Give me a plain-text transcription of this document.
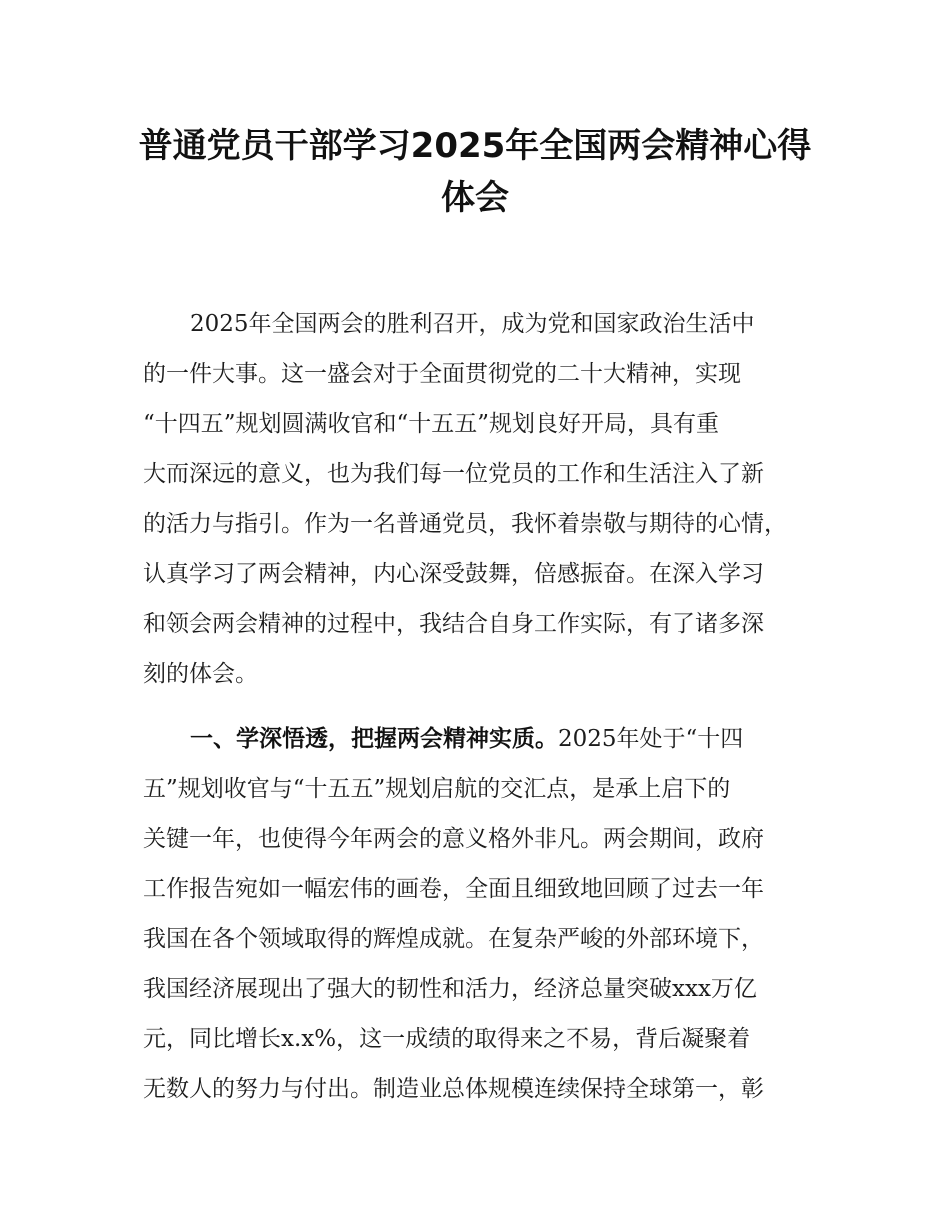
普通党员干部学习2025年全国两会精神心得
体会
2025年全国两会的胜利召开，成为党和国家政治生活中
的一件大事。这一盛会对于全面贯彻党的二十大精神，实现
“十四五”规划圆满收官和“十五五”规划良好开局，具有重
大而深远的意义，也为我们每一位党员的工作和生活注入了新
的活力与指引。作为一名普通党员，我怀着崇敬与期待的心情，
认真学习了两会精神，内心深受鼓舞，倍感振奋。在深入学习
和领会两会精神的过程中，我结合自身工作实际，有了诸多深
刻的体会。
一、学深悟透，把握两会精神实质。2025年处于“十四
五”规划收官与“十五五”规划启航的交汇点，是承上启下的
关键一年，也使得今年两会的意义格外非凡。两会期间，政府
工作报告宛如一幅宏伟的画卷，全面且细致地回顾了过去一年
我国在各个领域取得的辉煌成就。在复杂严峻的外部环境下，
我国经济展现出了强大的韧性和活力，经济总量突破xxx万亿
元，同比增长x.x%，这一成绩的取得来之不易，背后凝聚着
无数人的努力与付出。制造业总体规模连续保持全球第一，彰
